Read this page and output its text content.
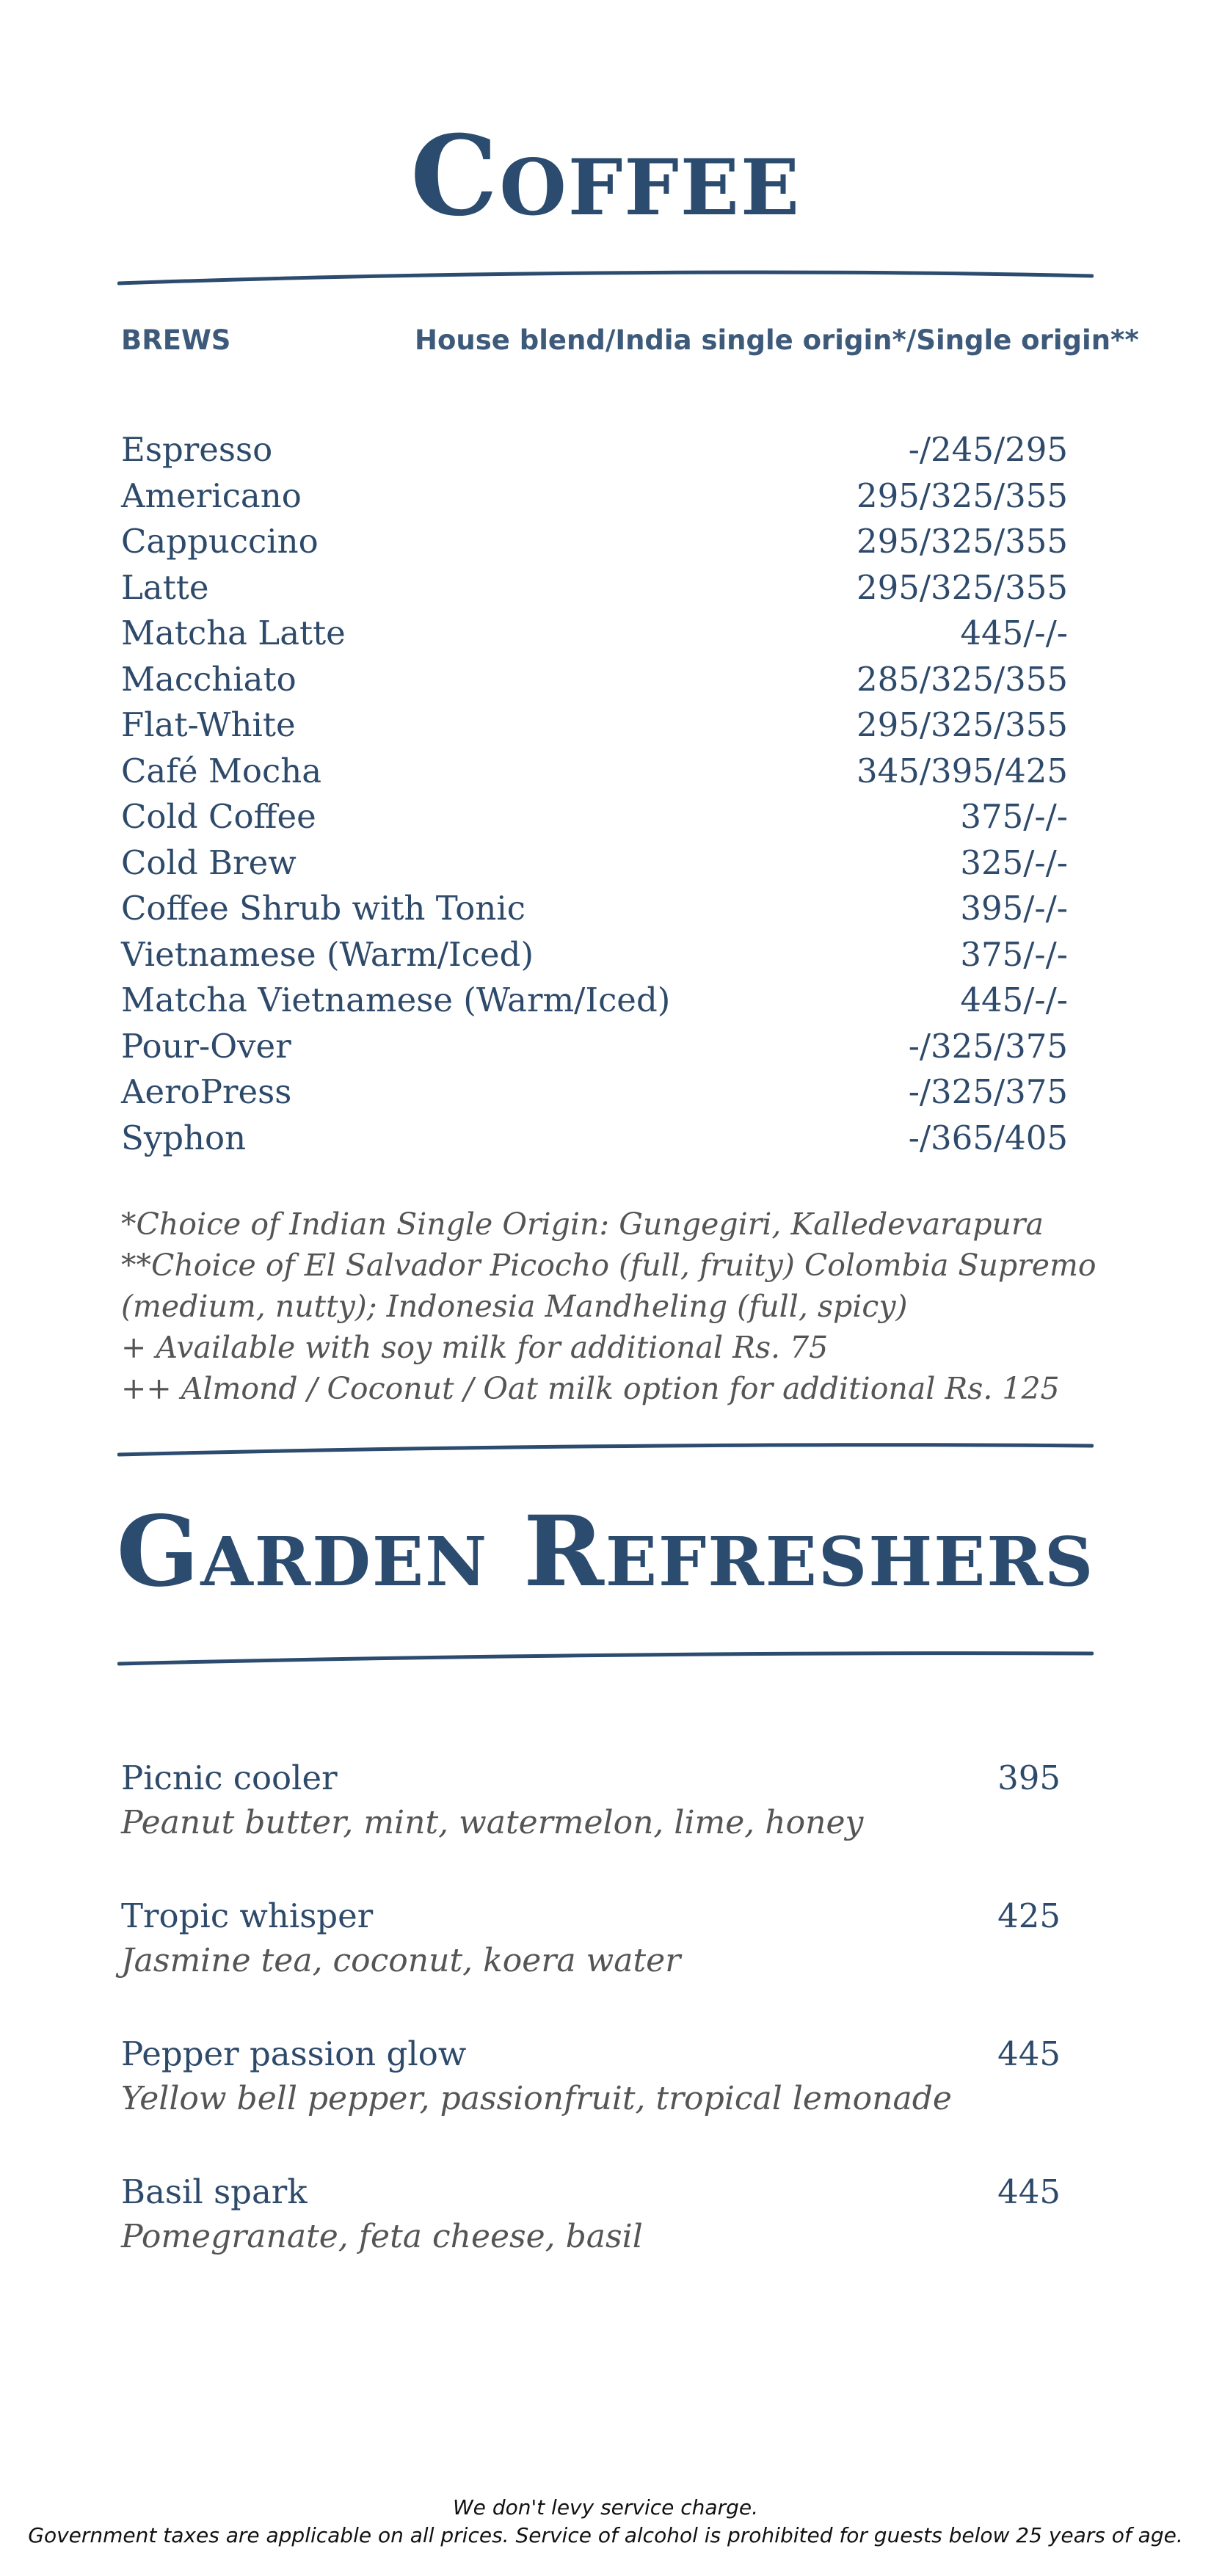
Coffee
BREWS	House blend/India single origin*/Single origin**
Espresso	-/245/295
Americano	295/325/355
Cappuccino	295/325/355
Latte	295/325/355
Matcha Latte	445/-/-
Macchiato	285/325/355
Flat-White	295/325/355
Café Mocha	345/395/425
Cold Coffee	375/-/-
Cold Brew	325/-/-
Coffee Shrub with Tonic	395/-/-
Vietnamese (Warm/Iced)	375/-/-
Matcha Vietnamese (Warm/Iced)	445/-/-
Pour-Over	-/325/375
AeroPress	-/325/375
Syphon	-/365/405
*Choice of Indian Single Origin: Gungegiri, Kalledevarapura
**Choice of El Salvador Picocho (full, fruity) Colombia Supremo
(medium, nutty); Indonesia Mandheling (full, spicy)
+ Available with soy milk for additional Rs. 75
++ Almond / Coconut / Oat milk option for additional Rs. 125
Garden Refreshers
Picnic cooler	395
Peanut butter, mint, watermelon, lime, honey
Tropic whisper	425
Jasmine tea, coconut, koera water
Pepper passion glow	445
Yellow bell pepper, passionfruit, tropical lemonade
Basil spark	445
Pomegranate, feta cheese, basil
We don't levy service charge.
Government taxes are applicable on all prices. Service of alcohol is prohibited for guests below 25 years of age.
